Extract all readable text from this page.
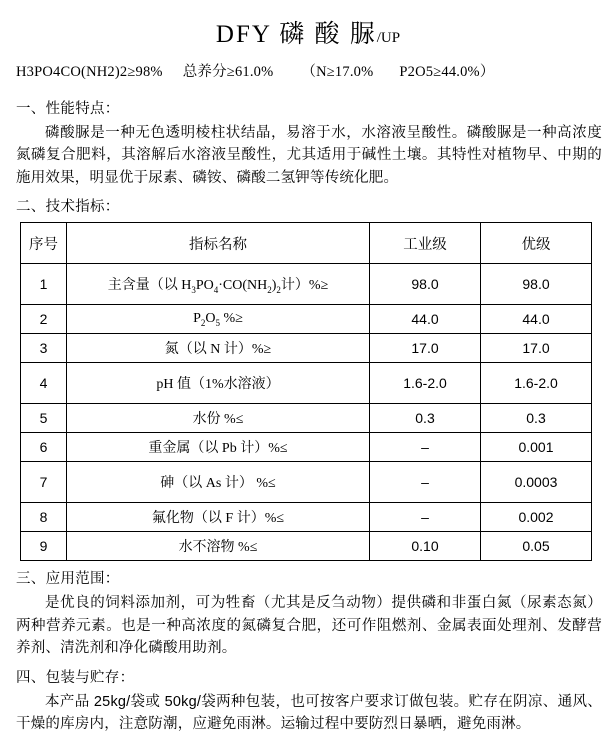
DFY 磷 酸 脲/UP
H3PO4CO(NH2)2≥98% 总养分≥61.0% （N≥17.0% P2O5≥44.0%）
一、性能特点：
磷酸脲是一种无色透明棱柱状结晶，易溶于水，水溶液呈酸性。磷酸脲是一种高浓度氮磷复合肥料，其溶解后水溶液呈酸性，尤其适用于碱性土壤。其特性对植物早、中期的施用效果，明显优于尿素、磷铵、磷酸二氢钾等传统化肥。
二、技术指标：
序号	指标名称	工业级	优级
1	主含量（以 $H_3PO_4\cdot CO(NH_2)_2$计）%≥	98.0	98.0
2	$P_2O_5$ %≥	44.0	44.0
3	氮（以 N 计）%≥	17.0	17.0
4	pH 值（1%水溶液）	1.6-2.0	1.6-2.0
5	水份 %≤	0.3	0.3
6	重金属（以 Pb 计）%≤	–	0.001
7	砷（以 As 计） %≤	–	0.0003
8	氟化物（以 F 计）%≤	–	0.002
9	水不溶物 %≤	0.10	0.05
三、应用范围：
是优良的饲料添加剂，可为牲畜（尤其是反刍动物）提供磷和非蛋白氮（尿素态氮）两种营养元素。也是一种高浓度的氮磷复合肥，还可作阻燃剂、金属表面处理剂、发酵营养剂、清洗剂和净化磷酸用助剂。
四、包装与贮存：
本产品 25kg/袋或 50kg/袋两种包装，也可按客户要求订做包装。贮存在阴凉、通风、干燥的库房内，注意防潮，应避免雨淋。运输过程中要防烈日暴晒，避免雨淋。
